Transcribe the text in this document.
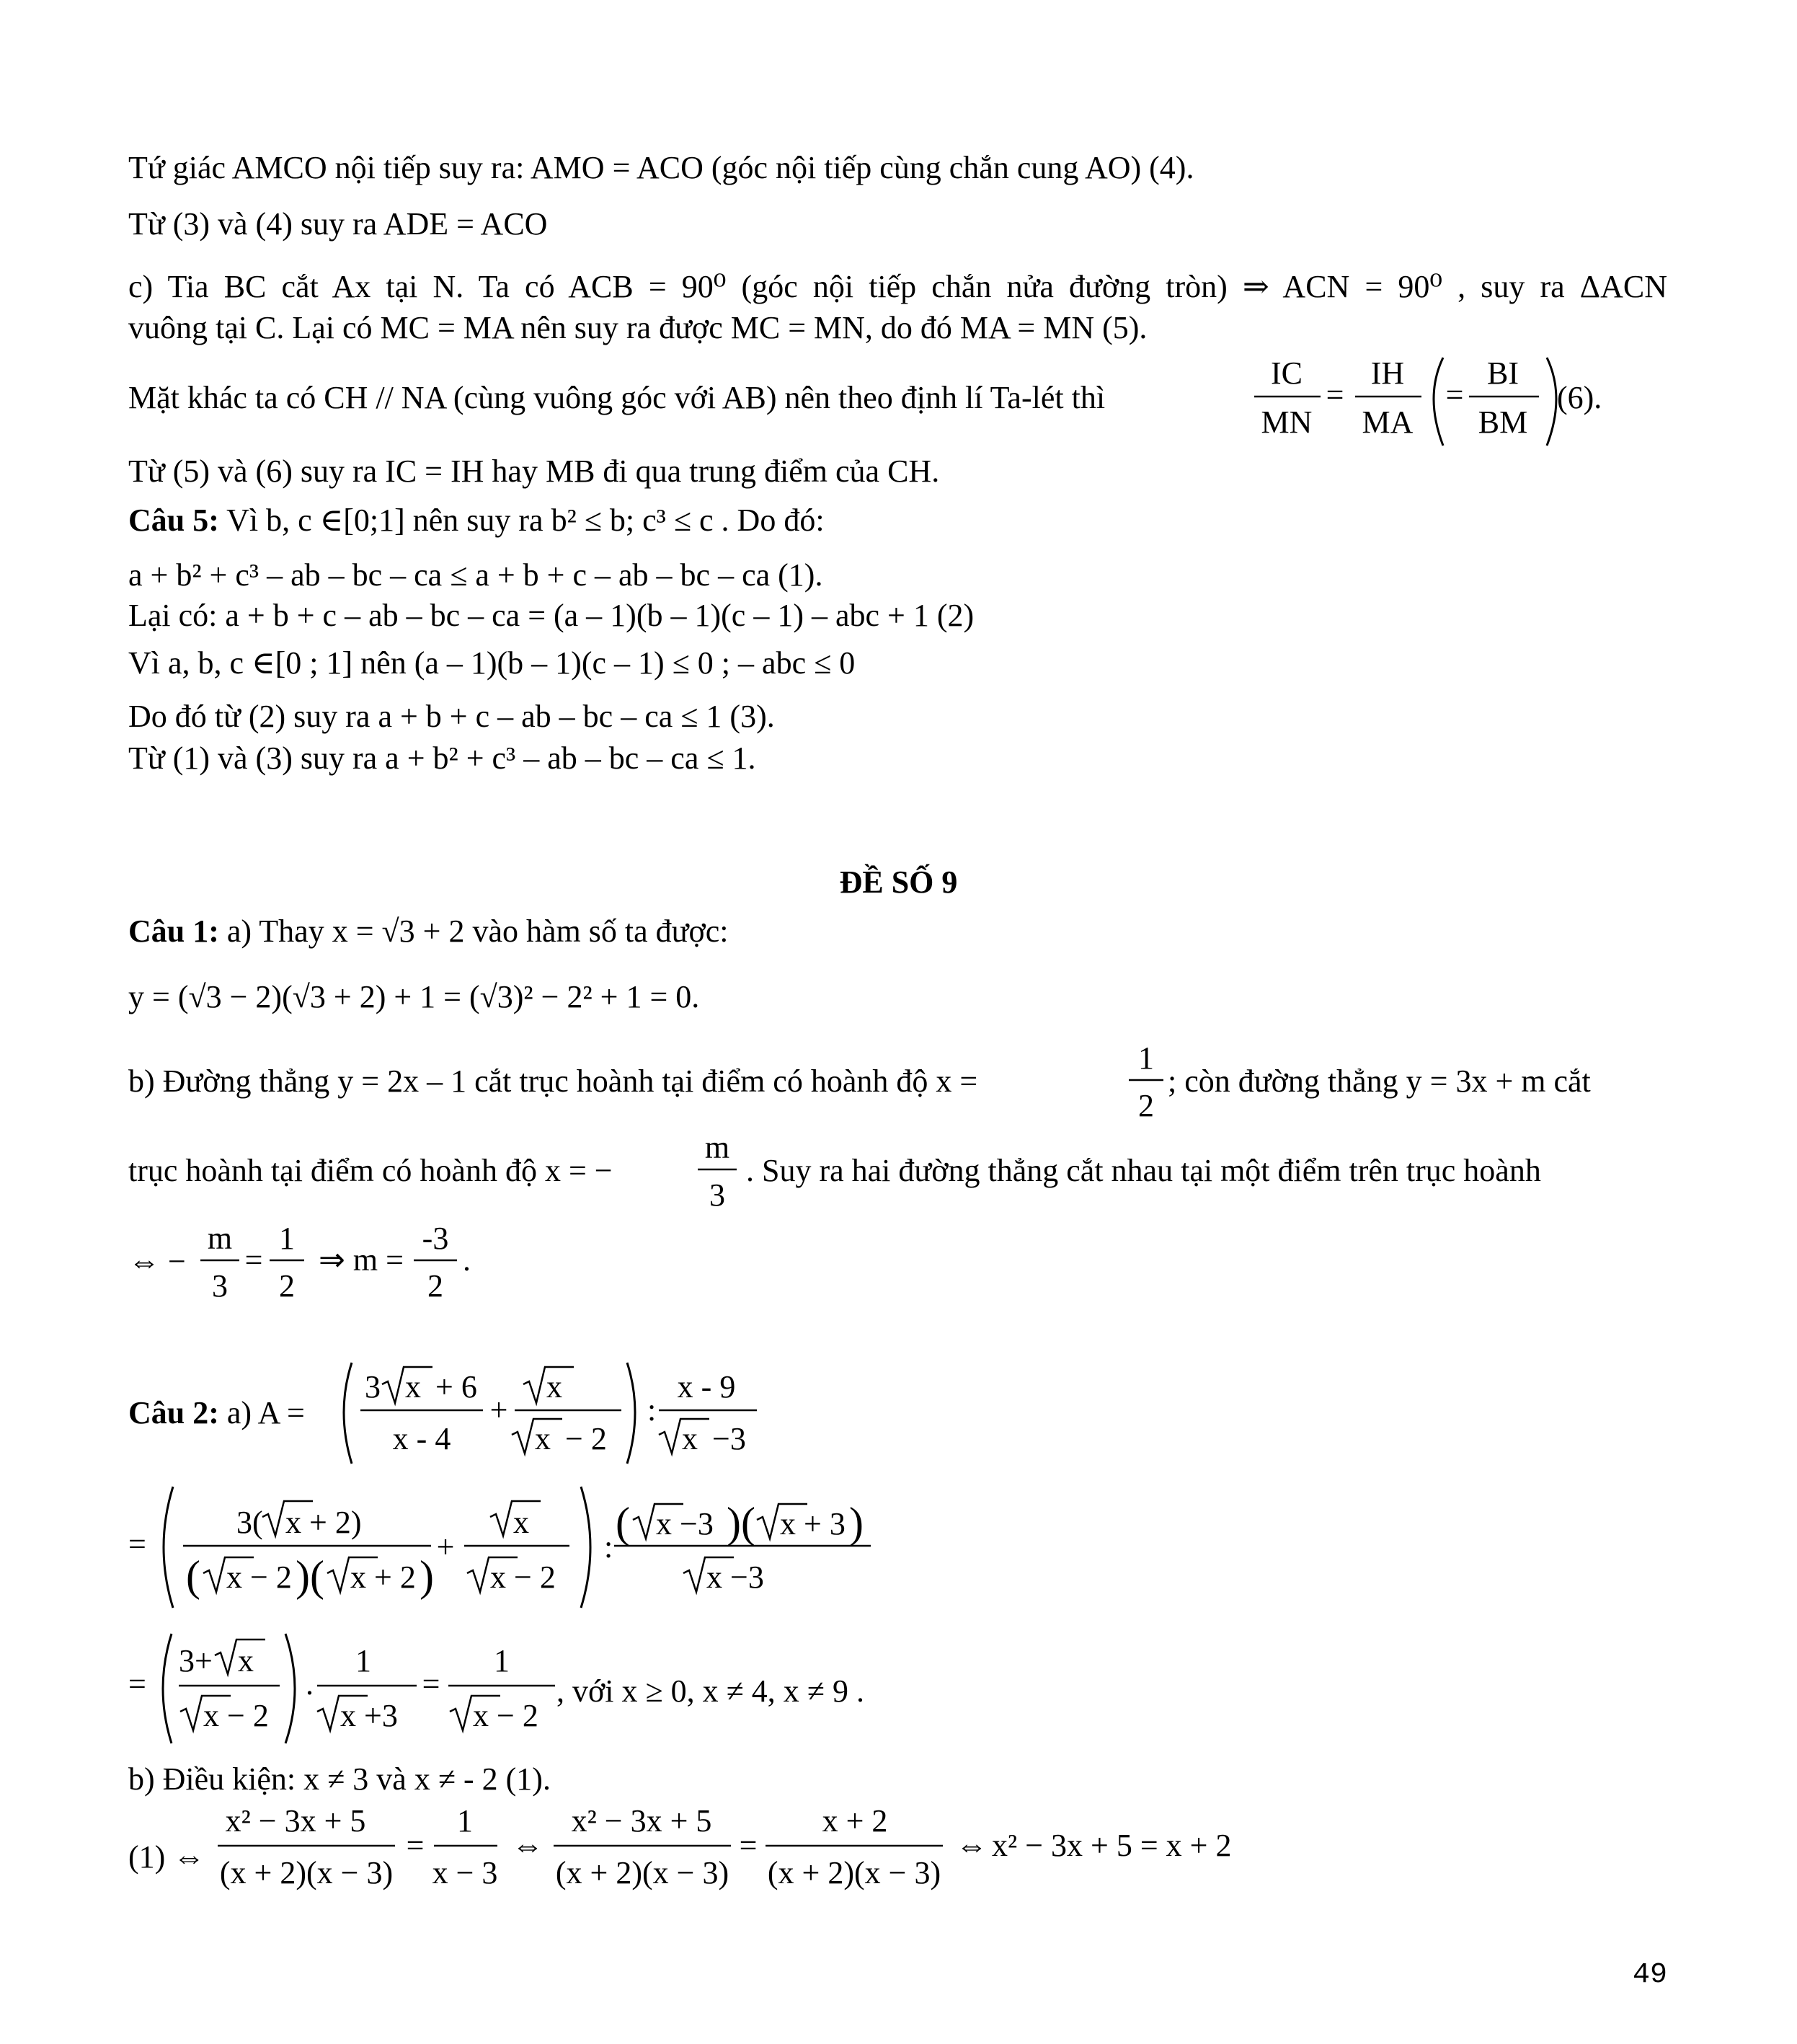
Tứ giác AMCO nội tiếp suy ra: AMO = ACO (góc nội tiếp cùng chắn cung AO) (4).
Từ (3) và (4) suy ra ADE = ACO
c) Tia BC cắt Ax tại N. Ta có ACB = 90⁰ (góc nội tiếp chắn nửa đường tròn) ⇒ ACN = 90⁰ , suy ra ΔACN
vuông tại C. Lại có MC = MA nên suy ra được MC = MN, do đó MA = MN (5).
Mặt khác ta có CH // NA (cùng vuông góc với AB) nên theo định lí Ta-lét thì
IC
MN
=
IH
MA
=
BI
BM
(6).
Từ (5) và (6) suy ra IC = IH hay MB đi qua trung điểm của CH.
Câu 5: Vì b, c ∈[0;1] nên suy ra b² ≤ b; c³ ≤ c . Do đó:
a + b² + c³ – ab – bc – ca ≤ a + b + c – ab – bc – ca (1).
Lại có: a + b + c – ab – bc – ca = (a – 1)(b – 1)(c – 1) – abc + 1 (2)
Vì a, b, c ∈[0 ; 1] nên (a – 1)(b – 1)(c – 1) ≤ 0 ; – abc ≤ 0
Do đó từ (2) suy ra a + b + c – ab – bc – ca ≤ 1 (3).
Từ (1) và (3) suy ra a + b² + c³ – ab – bc – ca ≤ 1.
ĐỀ SỐ 9
Câu 1: a) Thay x = √3 + 2 vào hàm số ta được:
y = (√3 − 2)(√3 + 2) + 1 = (√3)² − 2² + 1 = 0.
b) Đường thẳng y = 2x – 1 cắt trục hoành tại điểm có hoành độ x =
1
2
; còn đường thẳng y = 3x + m cắt
trục hoành tại điểm có hoành độ x = −
m
3
. Suy ra hai đường thẳng cắt nhau tại một điểm trên trục hoành
⇔ −
m
3
=
1
2
⇒ m =
-3
2
.
Câu 2: a) A =
3 x + 6
x - 4
+
x
x − 2
:
x - 9
x −3
=
3( x + 2)
( x − 2 )( x + 2 )
+
x
x − 2
:
( x −3 )( x + 3 )
x −3
=
3+ x
x − 2
.
1
x +3
=
1
x − 2
, với x ≥ 0, x ≠ 4, x ≠ 9 .
b) Điều kiện: x ≠ 3 và x ≠ - 2 (1).
(1) ⇔
x² − 3x + 5
(x + 2)(x − 3)
=
1
x − 3
⇔
x² − 3x + 5
(x + 2)(x − 3)
=
x + 2
(x + 2)(x − 3)
⇔ x² − 3x + 5 = x + 2
49
